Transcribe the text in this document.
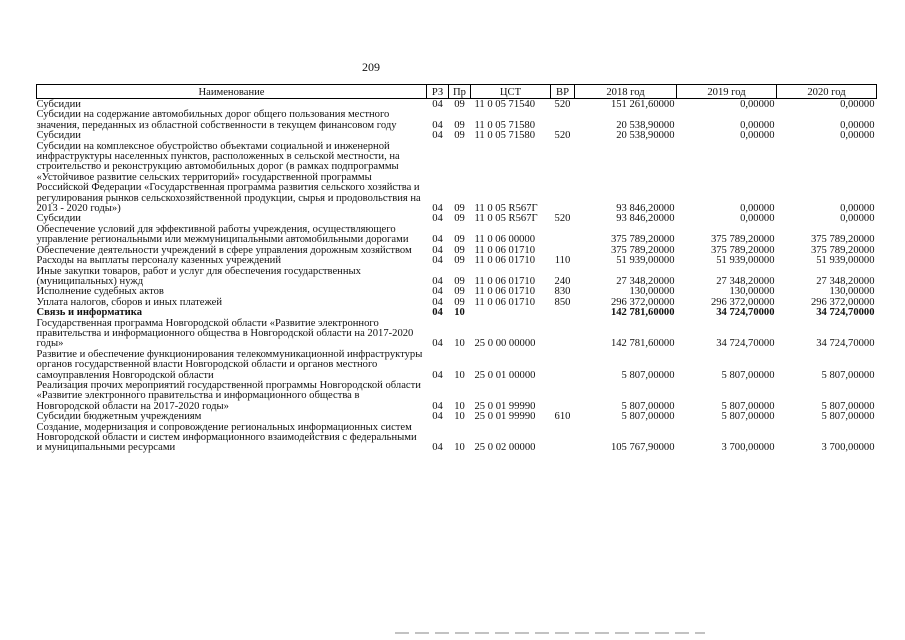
209
Наименование	РЗ	Пр	ЦСТ	ВР	2018 год	2019 год	2020 год
Субсидии	04	09	11 0 05 71540	520	151 261,60000	0,00000	0,00000
Субсидии на содержание автомобильных дорог общего пользования местного значения, переданных из областной собственности в текущем финансовом году	04	09	11 0 05 71580		20 538,90000	0,00000	0,00000
Субсидии	04	09	11 0 05 71580	520	20 538,90000	0,00000	0,00000
Субсидии на комплексное обустройство объектами социальной и инженерной инфраструктуры населенных пунктов, расположенных в сельской местности, на строительство и реконструкцию автомобильных дорог (в рамках подпрограммы «Устойчивое развитие сельских территорий» государственной программы Российской Федерации «Государственная программа развития сельского хозяйства и регулирования рынков сельскохозяйственной продукции, сырья и продовольствия на 2013 - 2020 годы»)	04	09	11 0 05 R567Г		93 846,20000	0,00000	0,00000
Субсидии	04	09	11 0 05 R567Г	520	93 846,20000	0,00000	0,00000
Обеспечение условий для эффективной работы учреждения, осуществляющего управление региональными или межмуниципальными автомобильными дорогами	04	09	11 0 06 00000		375 789,20000	375 789,20000	375 789,20000
Обеспечение деятельности учреждений в сфере управления дорожным хозяйством	04	09	11 0 06 01710		375 789,20000	375 789,20000	375 789,20000
Расходы на выплаты персоналу казенных учреждений	04	09	11 0 06 01710	110	51 939,00000	51 939,00000	51 939,00000
Иные закупки товаров, работ и услуг для обеспечения государственных (муниципальных) нужд	04	09	11 0 06 01710	240	27 348,20000	27 348,20000	27 348,20000
Исполнение судебных актов	04	09	11 0 06 01710	830	130,00000	130,00000	130,00000
Уплата налогов, сборов и иных платежей	04	09	11 0 06 01710	850	296 372,00000	296 372,00000	296 372,00000
Связь и информатика	04	10			142 781,60000	34 724,70000	34 724,70000
Государственная программа Новгородской области «Развитие электронного правительства и информационного общества в Новгородской области на 2017-2020 годы»	04	10	25 0 00 00000		142 781,60000	34 724,70000	34 724,70000
Развитие и обеспечение функционирования телекоммуникационной инфраструктуры органов государственной власти Новгородской области и органов местного самоуправления Новгородской области	04	10	25 0 01 00000		5 807,00000	5 807,00000	5 807,00000
Реализация прочих мероприятий государственной программы Новгородской области «Развитие электронного правительства и информационного общества в Новгородской области на 2017-2020 годы»	04	10	25 0 01 99990		5 807,00000	5 807,00000	5 807,00000
Субсидии бюджетным учреждениям	04	10	25 0 01 99990	610	5 807,00000	5 807,00000	5 807,00000
Создание, модернизация и сопровождение региональных информационных систем Новгородской области и систем информационного взаимодействия с федеральными и муниципальными ресурсами	04	10	25 0 02 00000		105 767,90000	3 700,00000	3 700,00000
